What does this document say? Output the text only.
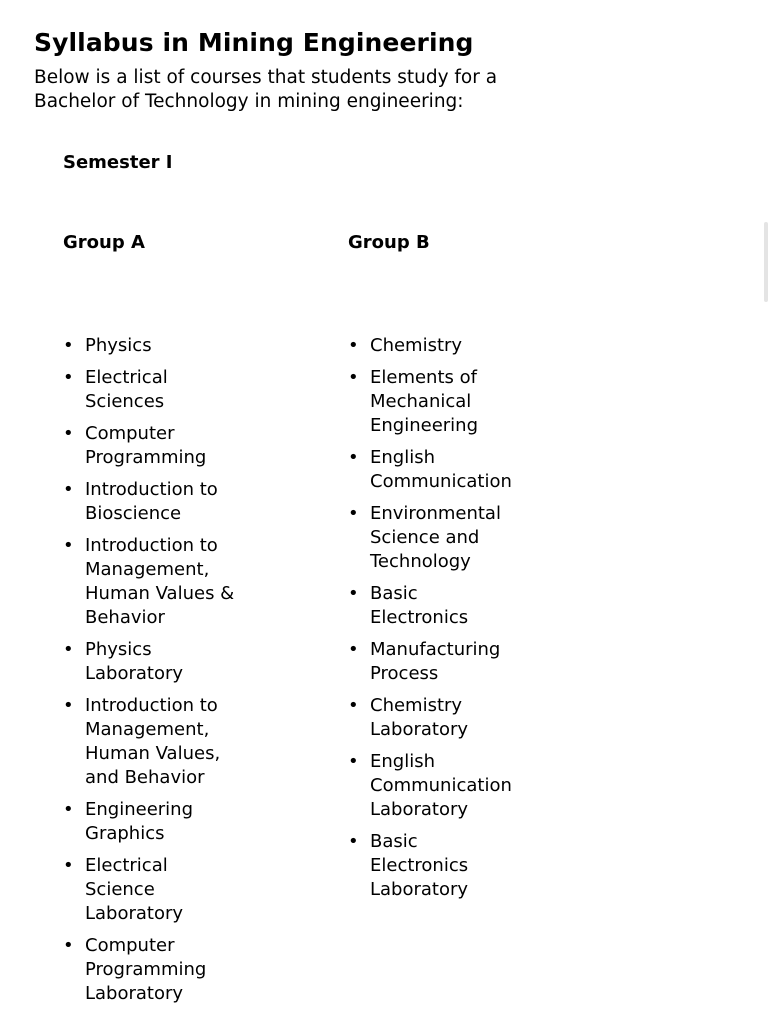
Syllabus in Mining Engineering
Below is a list of courses that students study for a
Bachelor of Technology in mining engineering:
Semester I
Group A	Group B
• Physics
• Electrical Sciences
• Computer Programming
• Introduction to Bioscience
• Introduction to Management, Human Values & Behavior
• Physics Laboratory
• Introduction to Management, Human Values, and Behavior
• Engineering Graphics
• Electrical Science Laboratory
• Computer Programming Laboratory
• Chemistry
• Elements of Mechanical Engineering
• English Communication
• Environmental Science and Technology
• Basic Electronics
• Manufacturing Process
• Chemistry Laboratory
• English Communication Laboratory
• Basic Electronics Laboratory
